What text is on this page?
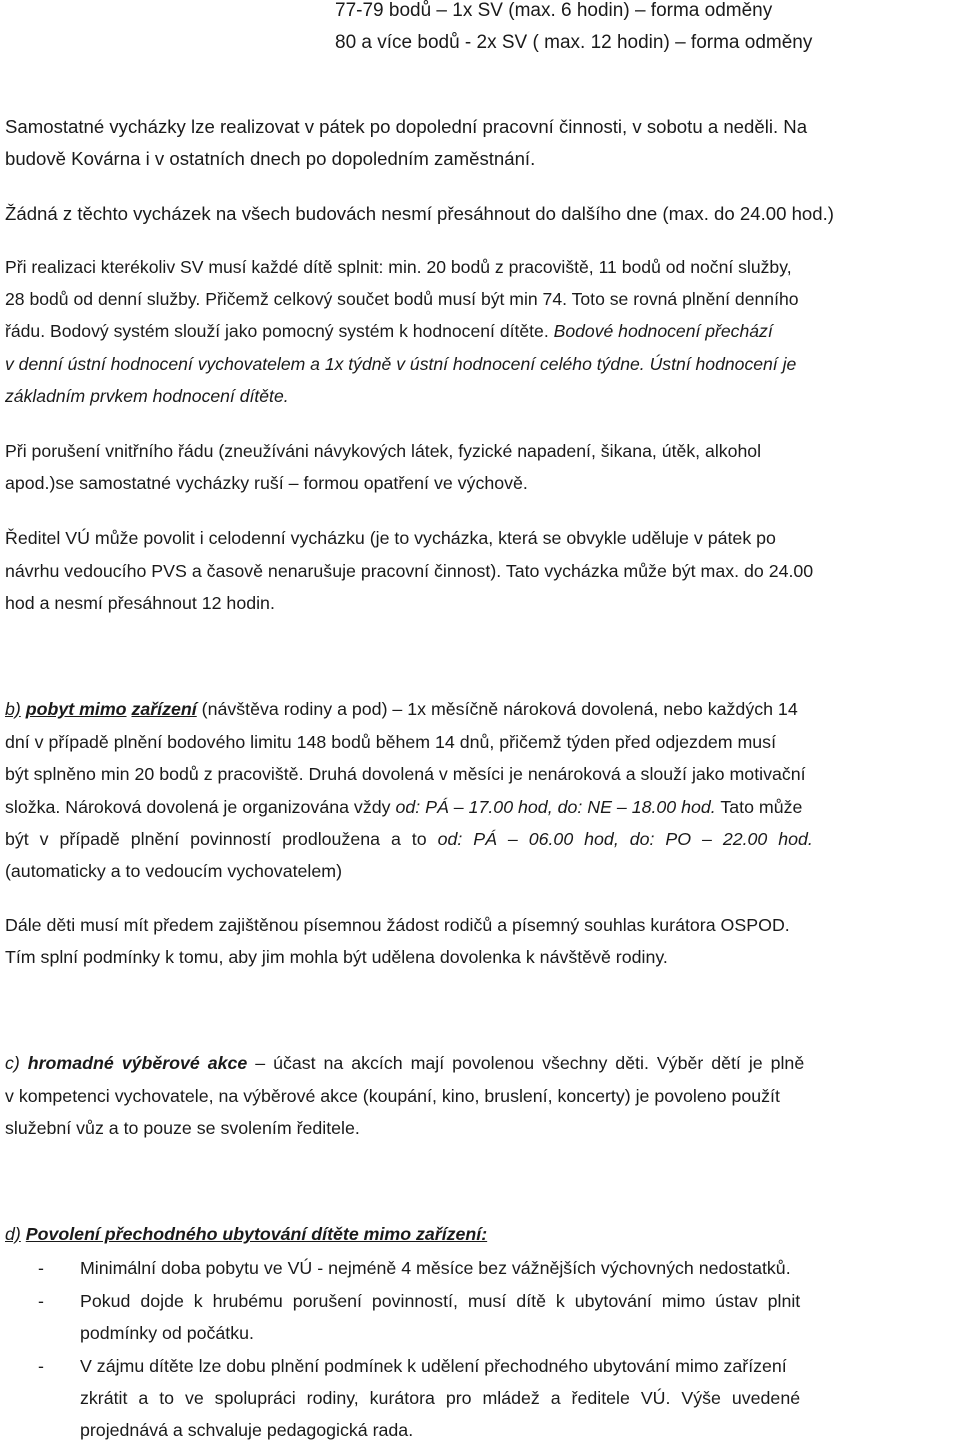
77-79 bodů – 1x SV (max. 6 hodin) – forma odměny
80 a více bodů - 2x SV ( max. 12 hodin) – forma odměny
Samostatné vycházky lze realizovat v pátek po dopolední pracovní činnosti, v sobotu a neděli. Na
budově Kovárna i v ostatních dnech po dopoledním zaměstnání.
Žádná z těchto vycházek na všech budovách nesmí přesáhnout do dalšího dne (max. do 24.00 hod.)
Při realizaci kterékoliv SV musí každé dítě splnit: min. 20 bodů z pracoviště, 11 bodů od noční služby,
28 bodů od denní služby. Přičemž celkový součet bodů musí být min 74. Toto se rovná plnění denního
řádu. Bodový systém slouží jako pomocný systém k hodnocení dítěte. Bodové hodnocení přechází
v denní ústní hodnocení vychovatelem a 1x týdně v ústní hodnocení celého týdne. Ústní hodnocení je
základním prvkem hodnocení dítěte.
Při porušení vnitřního řádu (zneužíváni návykových látek, fyzické napadení, šikana, útěk, alkohol
apod.)se samostatné vycházky ruší – formou opatření ve výchově.
Ředitel VÚ může povolit i celodenní vycházku (je to vycházka, která se obvykle uděluje v pátek po
návrhu vedoucího PVS a časově nenarušuje pracovní činnost). Tato vycházka může být max. do 24.00
hod a nesmí přesáhnout 12 hodin.
b) pobyt mimo zařízení (návštěva rodiny a pod) – 1x měsíčně nároková dovolená, nebo každých 14
dní v případě plnění bodového limitu 148 bodů během 14 dnů, přičemž týden před odjezdem musí
být splněno min 20 bodů z pracoviště. Druhá dovolená v měsíci je nenároková a slouží jako motivační
složka. Nároková dovolená je organizována vždy od: PÁ – 17.00 hod, do: NE – 18.00 hod. Tato může
být v případě plnění povinností prodloužena a to od: PÁ – 06.00 hod, do: PO – 22.00 hod.
(automaticky a to vedoucím vychovatelem)
Dále děti musí mít předem zajištěnou písemnou žádost rodičů a písemný souhlas kurátora OSPOD.
Tím splní podmínky k tomu, aby jim mohla být udělena dovolenka k návštěvě rodiny.
c) hromadné výběrové akce – účast na akcích mají povolenou všechny děti. Výběr dětí je plně
v kompetenci vychovatele, na výběrové akce (koupání, kino, bruslení, koncerty) je povoleno použít
služební vůz a to pouze se svolením ředitele.
d) Povolení přechodného ubytování dítěte mimo zařízení:
- Minimální doba pobytu ve VÚ - nejméně 4 měsíce bez vážnějších výchovných nedostatků.
- Pokud dojde k hrubému porušení povinností, musí dítě k ubytování mimo ústav plnit
podmínky od počátku.
- V zájmu dítěte lze dobu plnění podmínek k udělení přechodného ubytování mimo zařízení
zkrátit a to ve spolupráci rodiny, kurátora pro mládež a ředitele VÚ. Výše uvedené
projednává a schvaluje pedagogická rada.
